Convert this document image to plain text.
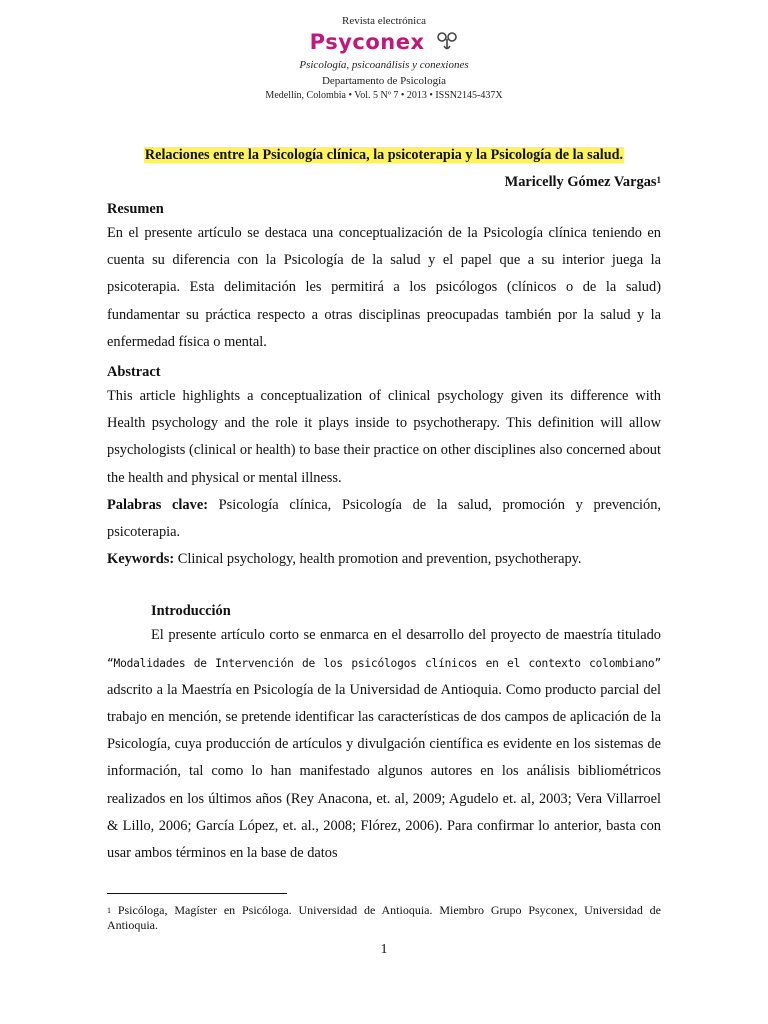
Revista electrónica
Psyconex
Psicología, psicoanálisis y conexiones
Departamento de Psicología
Medellín, Colombia • Vol. 5 Nº 7 • 2013 • ISSN2145-437X
Relaciones entre la Psicología clínica, la psicoterapia y la Psicología de la salud.
Maricelly Gómez Vargas$^1$
Resumen

En el presente artículo se destaca una conceptualización de la Psicología clínica teniendo en cuenta su diferencia con la Psicología de la salud y el papel que a su interior juega la psicoterapia. Esta delimitación les permitirá a los psicólogos (clínicos o de la salud) fundamentar su práctica respecto a otras disciplinas preocupadas también por la salud y la enfermedad física o mental.

Abstract

This article highlights a conceptualization of clinical psychology given its difference with Health psychology and the role it plays inside to psychotherapy. This definition will allow psychologists (clinical or health) to base their practice on other disciplines also concerned about the health and physical or mental illness.

Palabras clave: Psicología clínica, Psicología de la salud, promoción y prevención, psicoterapia.

Keywords: Clinical psychology, health promotion and prevention, psychotherapy.

Introducción

El presente artículo corto se enmarca en el desarrollo del proyecto de maestría titulado “Modalidades de Intervención de los psicólogos clínicos en el contexto colombiano” adscrito a la Maestría en Psicología de la Universidad de Antioquia. Como producto parcial del trabajo en mención, se pretende identificar las características de dos campos de aplicación de la Psicología, cuya producción de artículos y divulgación científica es evidente en los sistemas de información, tal como lo han manifestado algunos autores en los análisis bibliométricos realizados en los últimos años (Rey Anacona, et. al, 2009; Agudelo et. al, 2003; Vera Villarroel & Lillo, 2006; García López, et. al., 2008; Flórez, 2006). Para confirmar lo anterior, basta con usar ambos términos en la base de datos

$^1$ Psicóloga, Magíster en Psicóloga. Universidad de Antioquia. Miembro Grupo Psyconex, Universidad de Antioquia.
1
